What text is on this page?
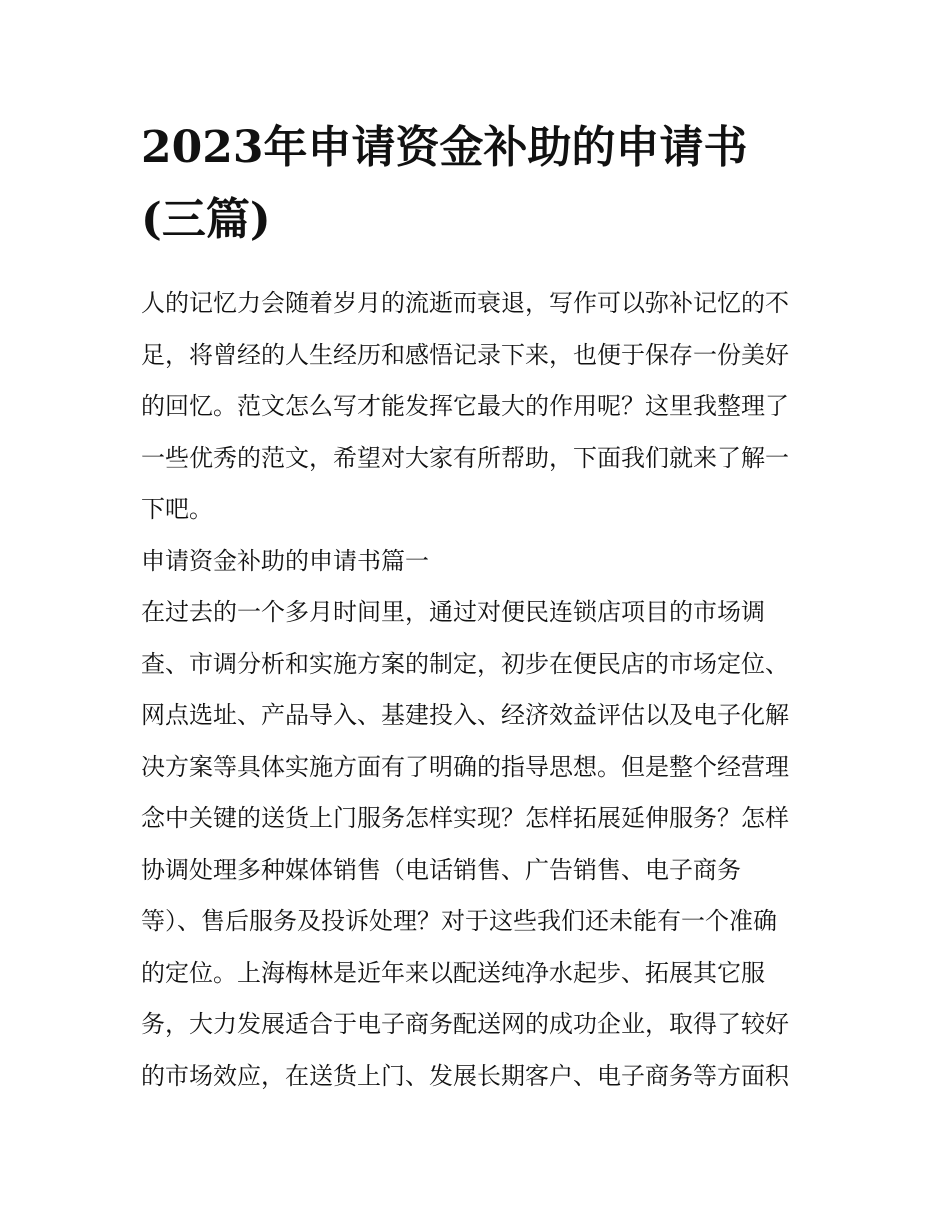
2023年申请资金补助的申请书
(三篇)
人的记忆力会随着岁月的流逝而衰退，写作可以弥补记忆的不
足，将曾经的人生经历和感悟记录下来，也便于保存一份美好
的回忆。范文怎么写才能发挥它最大的作用呢？这里我整理了
一些优秀的范文，希望对大家有所帮助，下面我们就来了解一
下吧。
申请资金补助的申请书篇一
在过去的一个多月时间里，通过对便民连锁店项目的市场调
查、市调分析和实施方案的制定，初步在便民店的市场定位、
网点选址、产品导入、基建投入、经济效益评估以及电子化解
决方案等具体实施方面有了明确的指导思想。但是整个经营理
念中关键的送货上门服务怎样实现？怎样拓展延伸服务？怎样
协调处理多种媒体销售（电话销售、广告销售、电子商务
等）、售后服务及投诉处理？对于这些我们还未能有一个准确
的定位。上海梅林是近年来以配送纯净水起步、拓展其它服
务，大力发展适合于电子商务配送网的成功企业，取得了较好
的市场效应，在送货上门、发展长期客户、电子商务等方面积
